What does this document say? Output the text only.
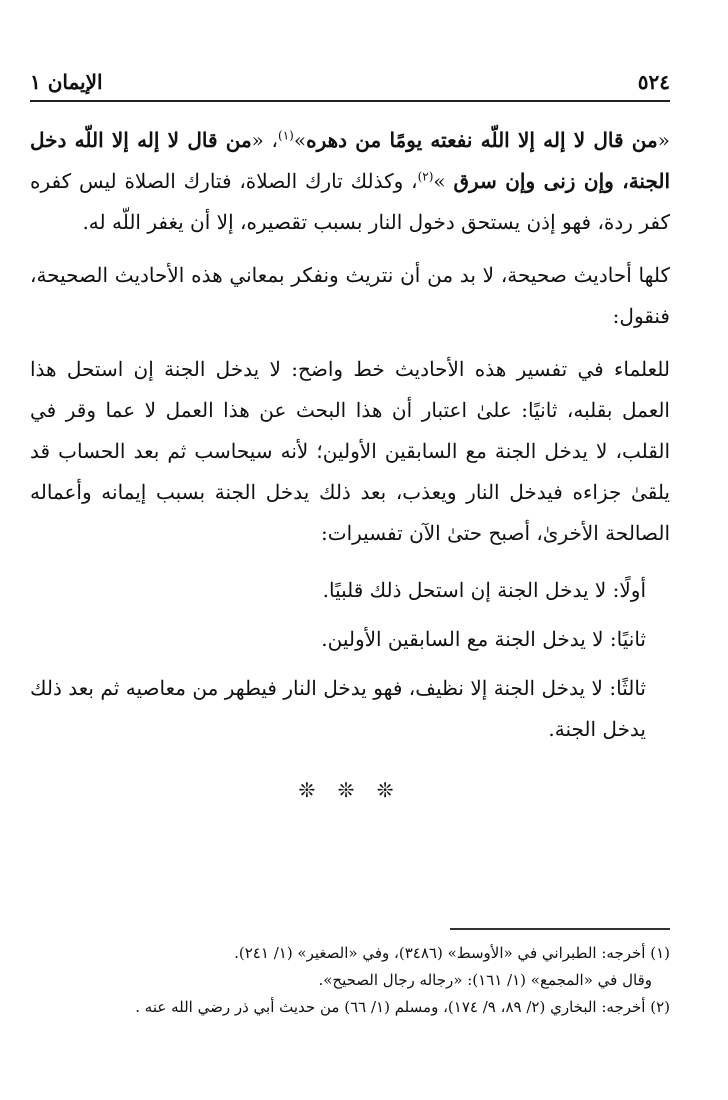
٥٢٤
الإيمان ١

«من قال لا إله إلا اللّه نفعته يومًا من دهره»$^{(١)}$، «من قال لا إله إلا اللّه دخل الجنة، وإن زنى وإن سرق »$^{(٢)}$، وكذلك تارك الصلاة، فتارك الصلاة ليس كفره كفر ردة، فهو إذن يستحق دخول النار بسبب تقصيره، إلا أن يغفر اللّه له.

كلها أحاديث صحيحة، لا بد من أن نتريث ونفكر بمعاني هذه الأحاديث الصحيحة، فنقول:

للعلماء في تفسير هذه الأحاديث خط واضح: لا يدخل الجنة إن استحل هذا العمل بقلبه، ثانيًا: علىٰ اعتبار أن هذا البحث عن هذا العمل لا عما وقر في القلب، لا يدخل الجنة مع السابقين الأولين؛ لأنه سيحاسب ثم بعد الحساب قد يلقىٰ جزاءه فيدخل النار ويعذب، بعد ذلك يدخل الجنة بسبب إيمانه وأعماله الصالحة الأخرىٰ، أصبح حتىٰ الآن تفسيرات:

أولًا: لا يدخل الجنة إن استحل ذلك قلبيًا.

ثانيًا: لا يدخل الجنة مع السابقين الأولين.

ثالثًا: لا يدخل الجنة إلا نظيف، فهو يدخل النار فيطهر من معاصيه ثم بعد ذلك يدخل الجنة.

❊ ❊ ❊

(١) أخرجه: الطبراني في «الأوسط» (٣٤٨٦)، وفي «الصغير» (١/ ٢٤١).

وقال في «المجمع» (١/ ١٦١): «رجاله رجال الصحيح».

(٢) أخرجه: البخاري (٢/ ٨٩، ٩/ ١٧٤)، ومسلم (١/ ٦٦) من حديث أبي ذر رضي الله عنه .
